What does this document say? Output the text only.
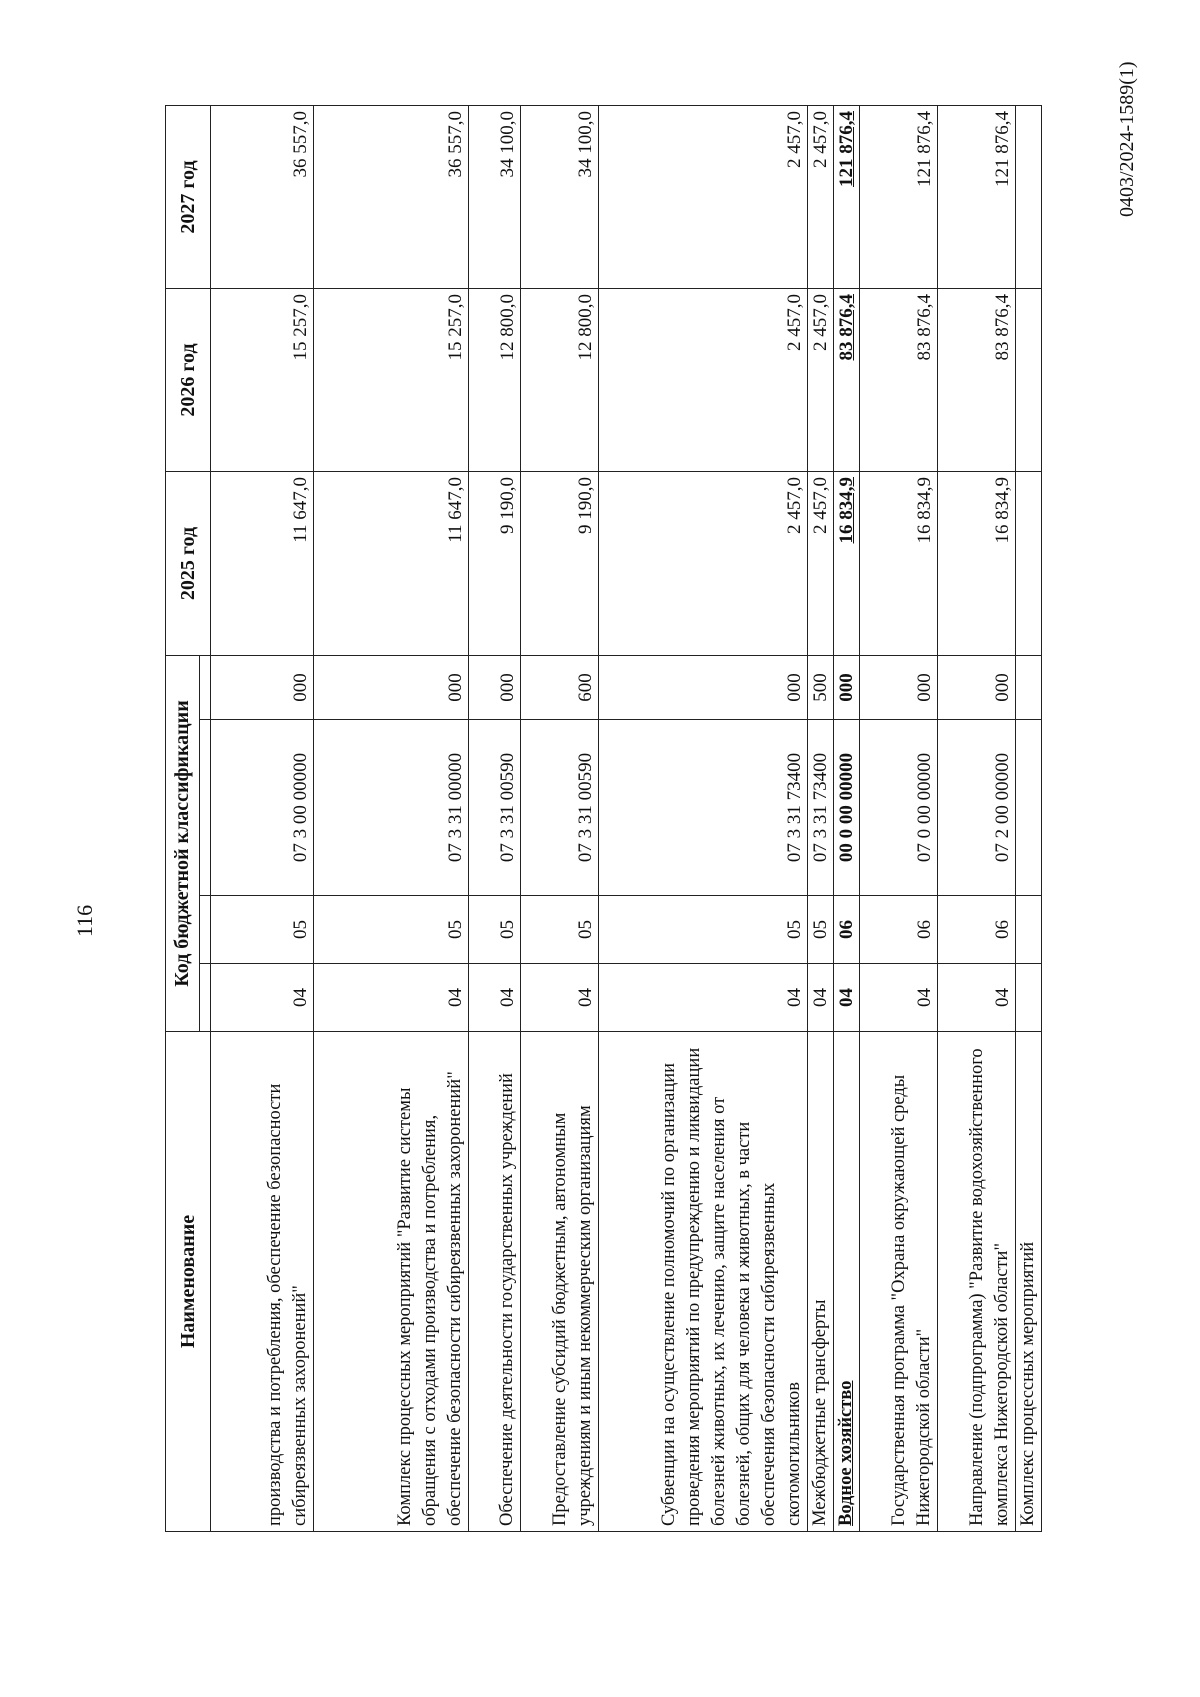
116
Наименование	Код бюджетной классификации				2025 год	2026 год	2027 год

производства и потребления, обеспечение безопасности сибиреязвенных захоронений"	04	05	07 3 00 00000	000	11 647,0	15 257,0	36 557,0
Комплекс процессных мероприятий "Развитие системы обращения с отходами производства и потребления, обеспечение безопасности сибиреязвенных захоронений"	04	05	07 3 31 00000	000	11 647,0	15 257,0	36 557,0
Обеспечение деятельности государственных учреждений	04	05	07 3 31 00590	000	9 190,0	12 800,0	34 100,0
Предоставление субсидий бюджетным, автономным учреждениям и иным некоммерческим организациям	04	05	07 3 31 00590	600	9 190,0	12 800,0	34 100,0
Субвенции на осуществление полномочий по организации проведения мероприятий по предупреждению и ликвидации болезней животных, их лечению, защите населения от болезней, общих для человека и животных, в части обеспечения безопасности сибиреязвенных скотомогильников	04	05	07 3 31 73400	000	2 457,0	2 457,0	2 457,0
Межбюджетные трансферты	04	05	07 3 31 73400	500	2 457,0	2 457,0	2 457,0
Водное хозяйство	04	06	00 0 00 00000	000	16 834,9	83 876,4	121 876,4
Государственная программа "Охрана окружающей среды Нижегородской области"	04	06	07 0 00 00000	000	16 834,9	83 876,4	121 876,4
Направление (подпрограмма) "Развитие водохозяйственного комплекса Нижегородской области"	04	06	07 2 00 00000	000	16 834,9	83 876,4	121 876,4
Комплекс процессных мероприятий							
0403/2024-1589(1)
